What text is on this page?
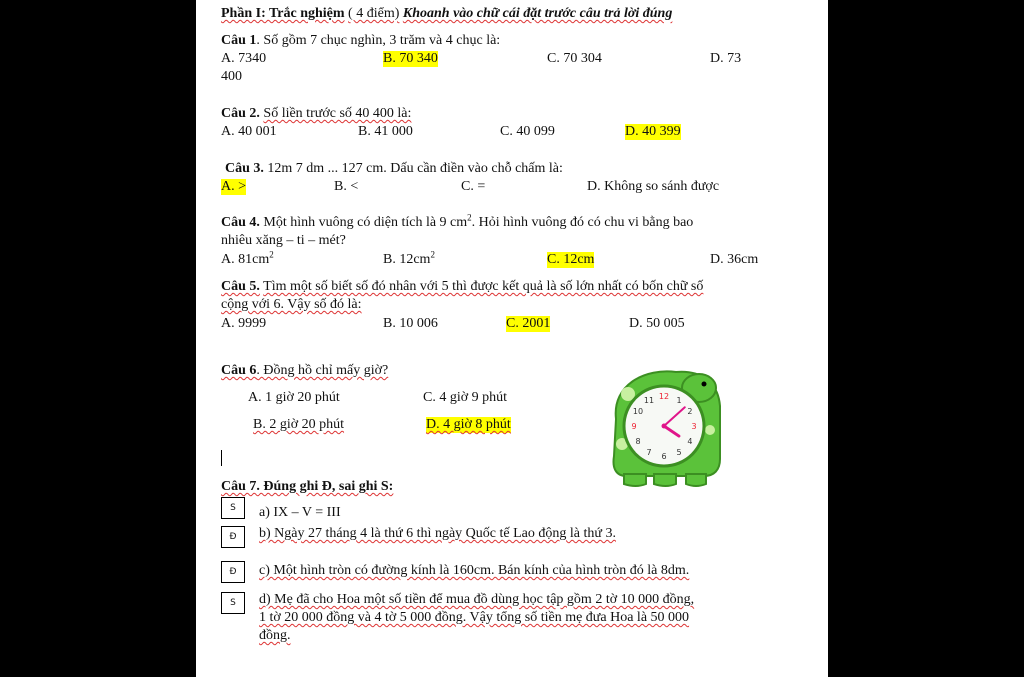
Phần I: Trắc nghiệm ( 4 điểm) Khoanh vào chữ cái đặt trước câu trả lời đúng
Câu 1. Số gồm 7 chục nghìn, 3 trăm và 4 chục là:
A. 7340	B. 70 340	C. 70 304	D. 73
400
Câu 2. Số liền trước số 40 400 là:
A. 40 001	B. 41 000	C. 40 099	D. 40 399
Câu 3. 12m 7 dm ... 127 cm. Dấu cần điền vào chỗ chấm là:
A. >	B. <	C. =	D. Không so sánh được
Câu 4. Một hình vuông có diện tích là 9 $cm^2$. Hỏi hình vuông đó có chu vi bằng bao
nhiêu xăng – ti – mét?
A. $81cm^2$	B. $12cm^2$	C. 12cm	D. 36cm
Câu 5. Tìm một số biết số đó nhân với 5 thì được kết quả là số lớn nhất có bốn chữ số
cộng với 6. Vậy số đó là:
A. 9999	B. 10 006	C. 2001	D. 50 005
Câu 6. Đồng hồ chỉ mấy giờ?
A. 1 giờ 20 phút	C. 4 giờ 9 phút
B. 2 giờ 20 phút	D. 4 giờ 8 phút
12 1
2
3
4
5
6
7
8
9
10
11
Câu 7. Đúng ghi Đ, sai ghi S:
S	a) IX – V = III
Đ	b) Ngày 27 tháng 4 là thứ 6 thì ngày Quốc tế Lao động là thứ 3.
Đ	c) Một hình tròn có đường kính là 160cm. Bán kính của hình tròn đó là 8dm.
S	d) Mẹ đã cho Hoa một số tiền để mua đồ dùng học tập gồm 2 tờ 10 000 đồng,
1 tờ 20 000 đồng và 4 tờ 5 000 đồng. Vậy tổng số tiền mẹ đưa Hoa là 50 000
đồng.
